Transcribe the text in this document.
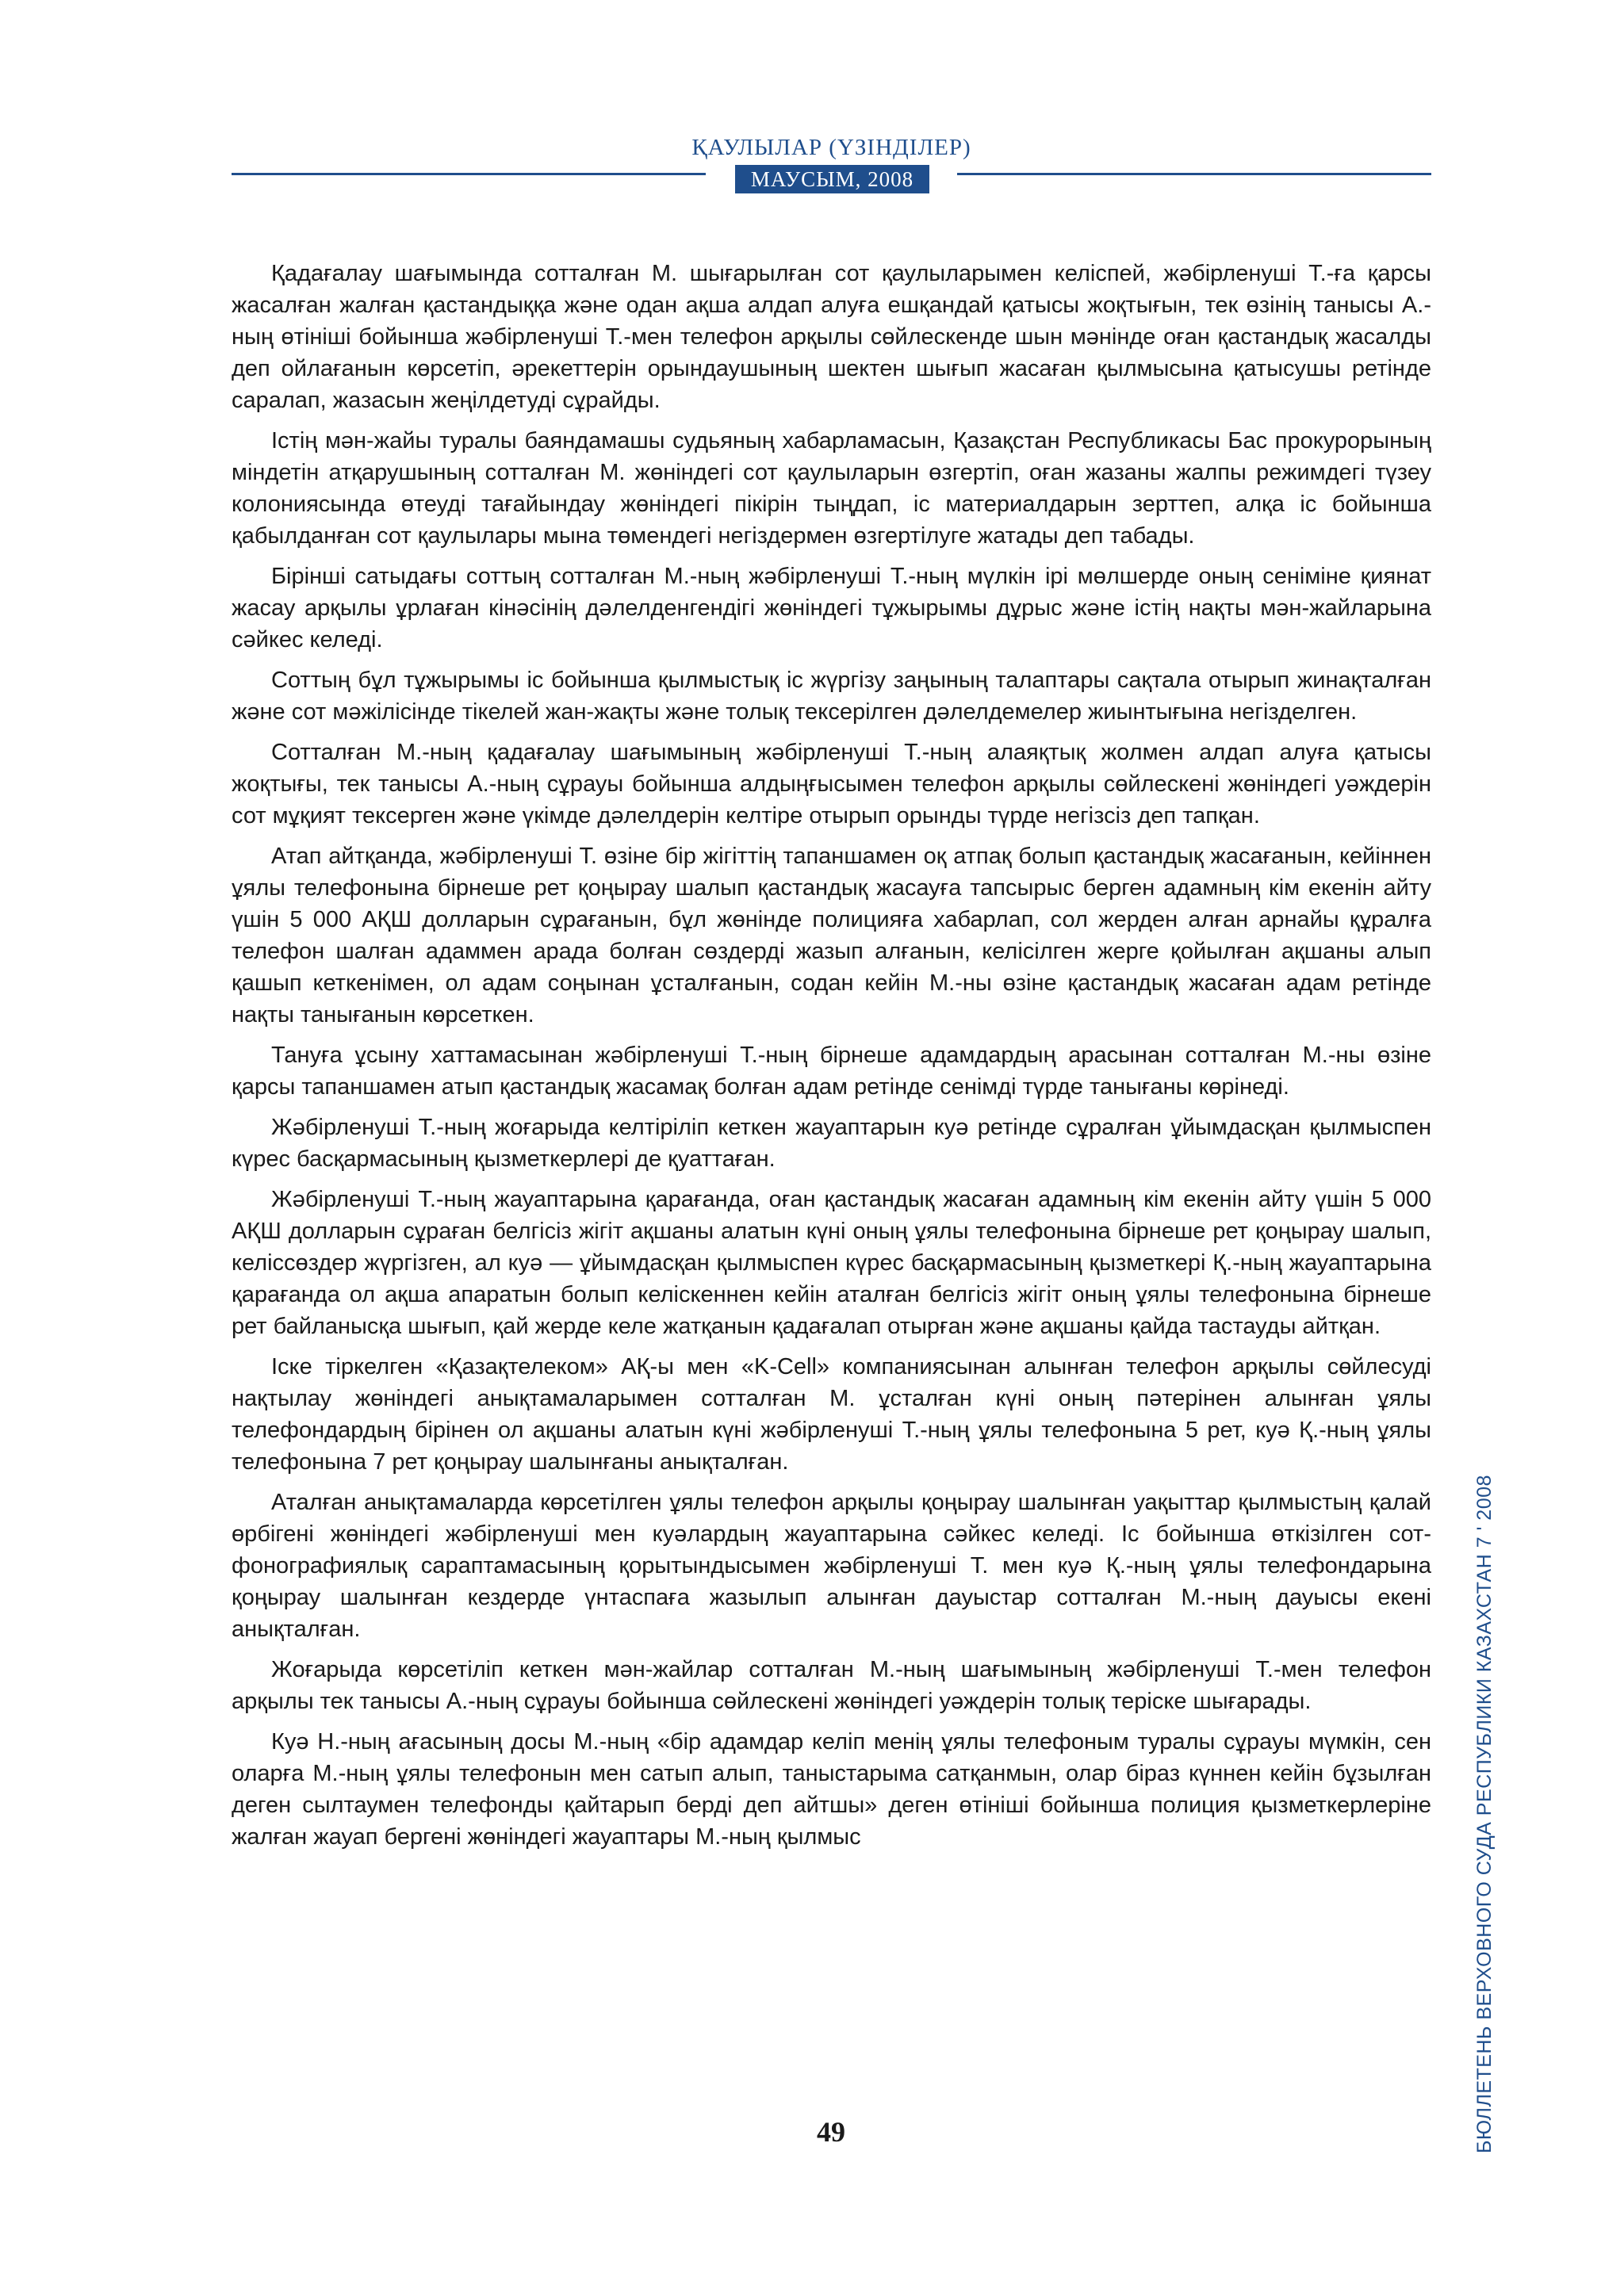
ҚАУЛЫЛАР (ҮЗІНДІЛЕР)
МАУСЫМ, 2008

Қадағалау шағымында сотталған М. шығарылған сот қаулыларымен келіспей, жәбірленуші Т.-ға қарсы жасалған жалған қастандыққа және одан ақша алдап алуға ешқандай қатысы жоқтығын, тек өзінің танысы А.-ның өтініші бойынша жәбірленуші Т.-мен телефон арқылы сөйлескенде шын мәнінде оған қастандық жасалды деп ойлағанын көрсетіп, әрекеттерін орындаушының шектен шығып жасаған қылмысына қатысушы ретінде саралап, жазасын жеңілдетуді сұрайды.

Істің мән-жайы туралы баяндамашы судьяның хабарламасын, Қазақстан Республикасы Бас прокурорының міндетін атқарушының сотталған М. жөніндегі сот қаулыларын өзгертіп, оған жазаны жалпы режимдегі түзеу колониясында өтеуді тағайындау жөніндегі пікірін тыңдап, іс материалдарын зерттеп, алқа іс бойынша қабылданған сот қаулылары мына төмендегі негіздермен өзгертілуге жатады деп табады.

Бірінші сатыдағы соттың сотталған М.-ның жәбірленуші Т.-ның мүлкін ірі мөлшерде оның сеніміне қиянат жасау арқылы ұрлаған кінәсінің дәлелденгендігі жөніндегі тұжырымы дұрыс және істің нақты мән-жайларына сәйкес келеді.

Соттың бұл тұжырымы іс бойынша қылмыстық іс жүргізу заңының талаптары сақтала отырып жинақталған және сот мәжілісінде тікелей жан-жақты және толық тексерілген дәлелдемелер жиынтығына негізделген.

Сотталған М.-ның қадағалау шағымының жәбірленуші Т.-ның алаяқтық жолмен алдап алуға қатысы жоқтығы, тек танысы А.-ның сұрауы бойынша алдыңғысымен телефон арқылы сөйлескені жөніндегі уәждерін сот мұқият тексерген және үкімде дәлелдерін келтіре отырып орынды түрде негізсіз деп тапқан.

Атап айтқанда, жәбірленуші Т. өзіне бір жігіттің тапаншамен оқ атпақ болып қастандық жасағанын, кейіннен ұялы телефонына бірнеше рет қоңырау шалып қастандық жасауға тапсырыс берген адамның кім екенін айту үшін 5 000 АҚШ долларын сұрағанын, бұл жөнінде полицияға хабарлап, сол жерден алған арнайы құралға телефон шалған адаммен арада болған сөздерді жазып алғанын, келісілген жерге қойылған ақшаны алып қашып кеткенімен, ол адам соңынан ұсталғанын, содан кейін М.-ны өзіне қастандық жасаған адам ретінде нақты танығанын көрсеткен.

Тануға ұсыну хаттамасынан жәбірленуші Т.-ның бірнеше адамдардың арасынан сотталған М.-ны өзіне қарсы тапаншамен атып қастандық жасамақ болған адам ретінде сенімді түрде танығаны көрінеді.

Жәбірленуші Т.-ның жоғарыда келтіріліп кеткен жауаптарын куә ретінде сұралған ұйымдасқан қылмыспен күрес басқармасының қызметкерлері де қуаттаған.

Жәбірленуші Т.-ның жауаптарына қарағанда, оған қастандық жасаған адамның кім екенін айту үшін 5 000 АҚШ долларын сұраған белгісіз жігіт ақшаны алатын күні оның ұялы телефонына бірнеше рет қоңырау шалып, келіссөздер жүргізген, ал куә — ұйымдасқан қылмыспен күрес басқармасының қызметкері Қ.-ның жауаптарына қарағанда ол ақша апаратын болып келіскеннен кейін аталған белгісіз жігіт оның ұялы телефонына бірнеше рет байланысқа шығып, қай жерде келе жатқанын қадағалап отырған және ақшаны қайда тастауды айтқан.

Іске тіркелген «Қазақтелеком» АҚ-ы мен «K-Cell» компаниясынан алынған телефон арқылы сөйлесуді нақтылау жөніндегі анықтамаларымен сотталған М. ұсталған күні оның пәтерінен алынған ұялы телефондардың бірінен ол ақшаны алатын күні жәбірленуші Т.-ның ұялы телефонына 5 рет, куә Қ.-ның ұялы телефонына 7 рет қоңырау шалынғаны анықталған.

Аталған анықтамаларда көрсетілген ұялы телефон арқылы қоңырау шалынған уақыттар қылмыстың қалай өрбігені жөніндегі жәбірленуші мен куәлардың жауаптарына сәйкес келеді. Іс бойынша өткізілген сот-фонографиялық сараптамасының қорытындысымен жәбірленуші Т. мен куә Қ.-ның ұялы телефондарына қоңырау шалынған кездерде үнтаспаға жазылып алынған дауыстар сотталған М.-ның дауысы екені анықталған.

Жоғарыда көрсетіліп кеткен мән-жайлар сотталған М.-ның шағымының жәбірленуші Т.-мен телефон арқылы тек танысы А.-ның сұрауы бойынша сөйлескені жөніндегі уәждерін толық теріске шығарады.

Куә Н.-ның ағасының досы М.-ның «бір адамдар келіп менің ұялы телефоным туралы сұрауы мүмкін, сен оларға М.-ның ұялы телефонын мен сатып алып, таныстарыма сатқанмын, олар біраз күннен кейін бұзылған деген сылтаумен телефонды қайтарып берді деп айтшы» деген өтініші бойынша полиция қызметкерлеріне жалған жауап бергені жөніндегі жауаптары М.-ның қылмыс

49	БЮЛЛЕТЕНЬ ВЕРХОВНОГО СУДА РЕСПУБЛИКИ КАЗАХСТАН 7 ' 2008
